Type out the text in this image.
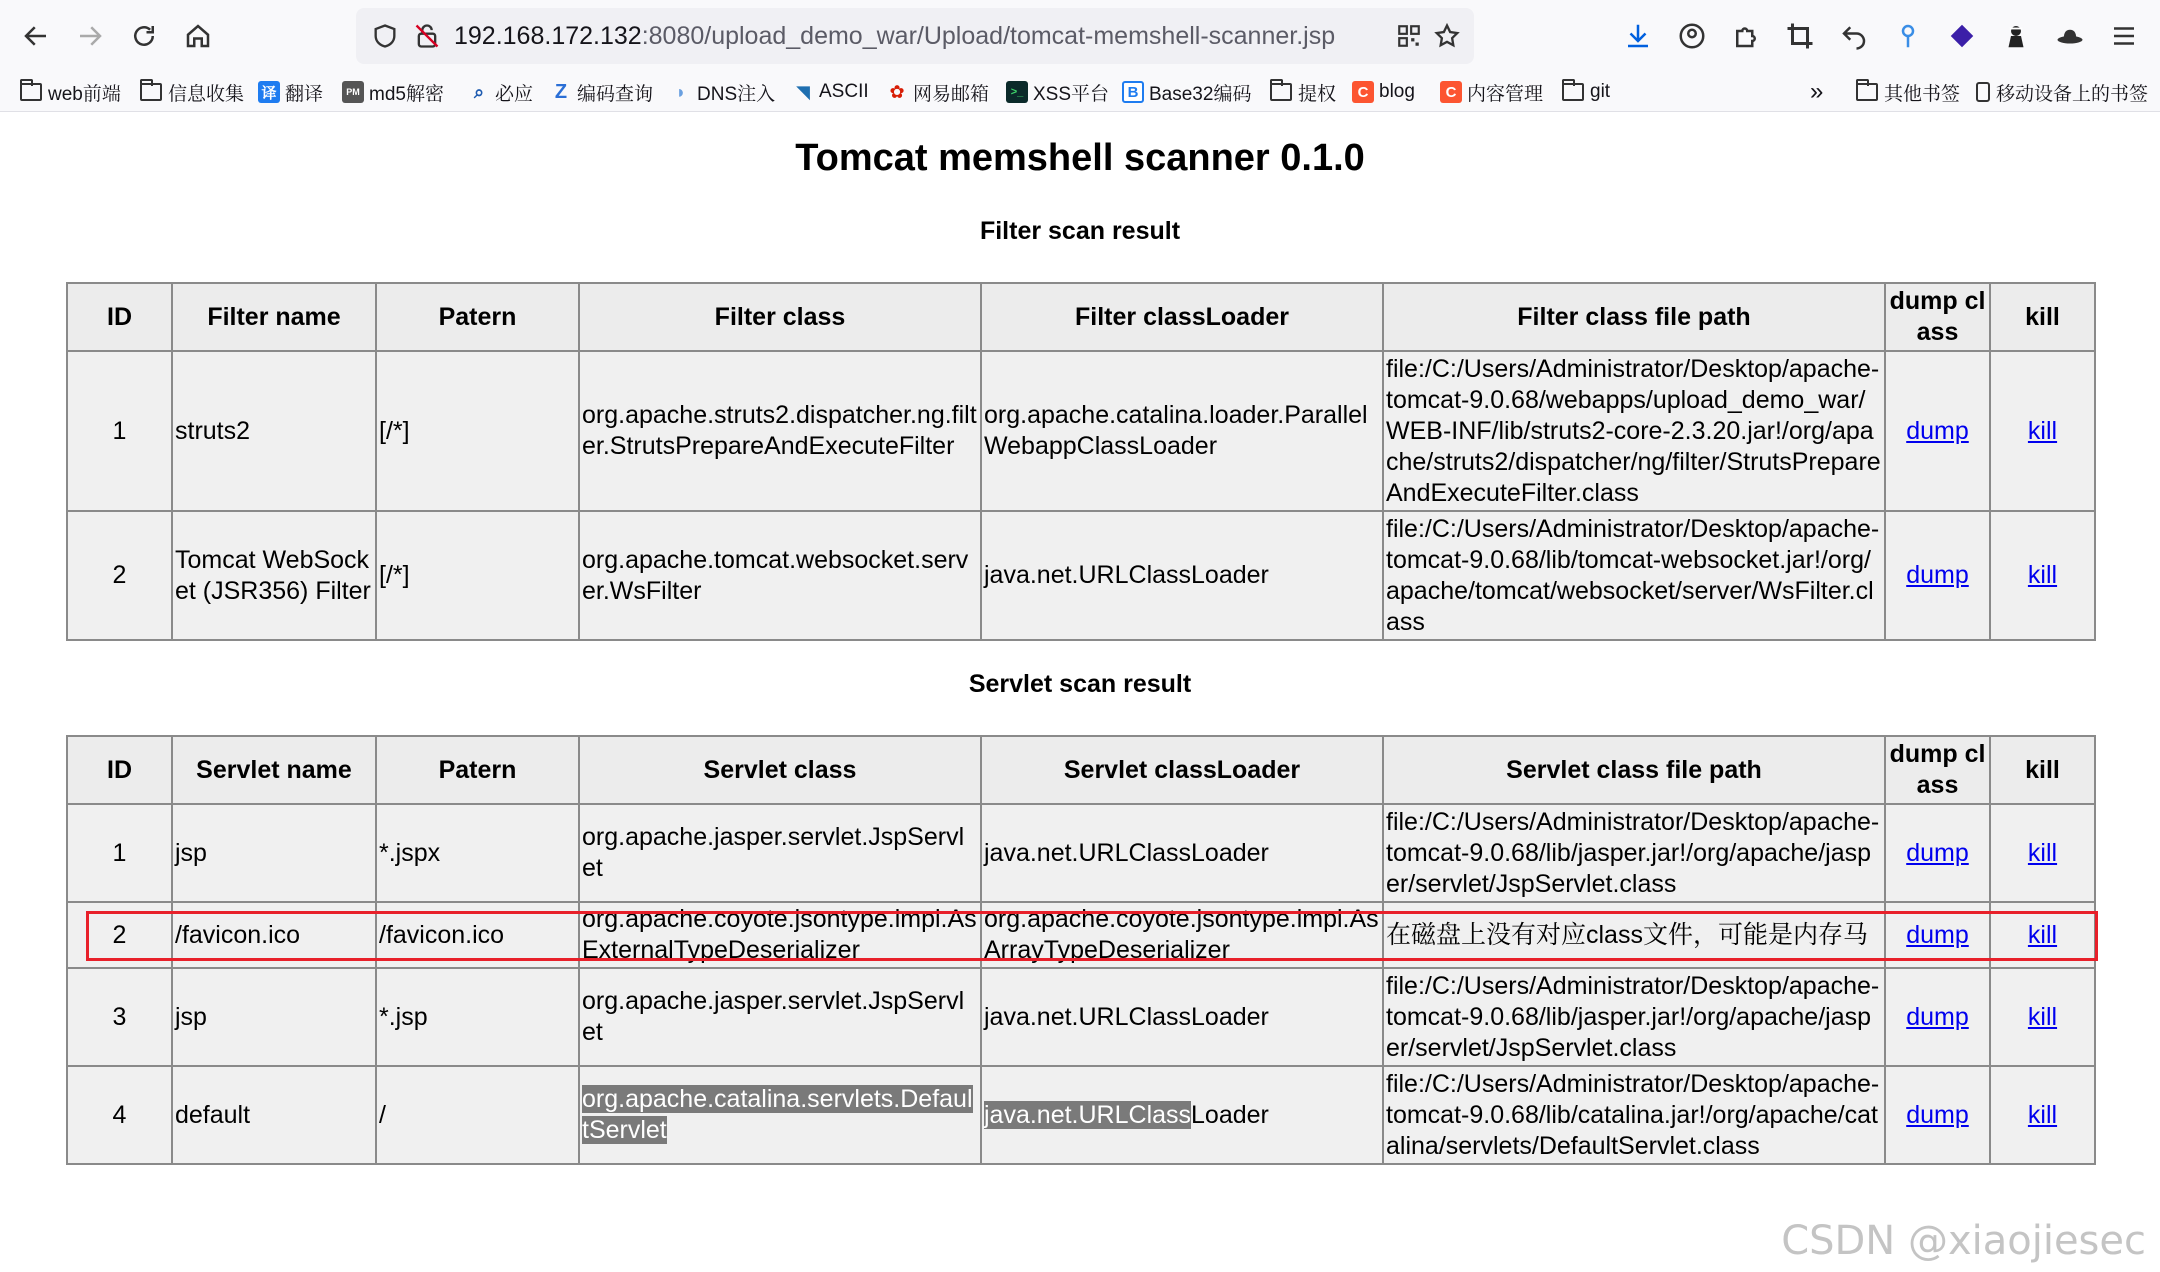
192.168.172.132:8080/upload_demo_war/Upload/tomcat-memshell-scanner.jsp
web前端 信息收集 译 翻译	PM md5解密	⌕ 必应 Z 编码查询	◗ DNS注入 ◥ ASCII ✿ 网易邮箱	>_ XSS平台	B Base32编码 提权	C blog	C 内容管理 git	»	其他书签 移动设备上的书签
Tomcat memshell scanner 0.1.0
Filter scan result
ID	Filter name	Patern	Filter class	Filter classLoader	Filter class file path	dump class	kill
1	struts2	[/*]	org.apache.struts2.dispatcher.ng.filter.StrutsPrepareAndExecuteFilter	org.apache.catalina.loader.ParallelWebappClassLoader	file:/C:/Users/Administrator/Desktop/apache-tomcat-9.0.68/webapps/upload_demo_war/WEB-INF/lib/struts2-core-2.3.20.jar!/org/apache/struts2/dispatcher/ng/filter/StrutsPrepareAndExecuteFilter.class	dump	kill
2	Tomcat WebSocket (JSR356) Filter	[/*]	org.apache.tomcat.websocket.server.WsFilter	java.net.URLClassLoader	file:/C:/Users/Administrator/Desktop/apache-tomcat-9.0.68/lib/tomcat-websocket.jar!/org/apache/tomcat/websocket/server/WsFilter.class	dump	kill
Servlet scan result
ID	Servlet name	Patern	Servlet class	Servlet classLoader	Servlet class file path	dump class	kill
1	jsp	*.jspx	org.apache.jasper.servlet.JspServlet	java.net.URLClassLoader	file:/C:/Users/Administrator/Desktop/apache-tomcat-9.0.68/lib/jasper.jar!/org/apache/jasper/servlet/JspServlet.class	dump	kill
2	/favicon.ico	/favicon.ico	org.apache.coyote.jsontype.impl.AsExternalTypeDeserializer	org.apache.coyote.jsontype.impl.AsArrayTypeDeserializer	在磁盘上没有对应class文件，可能是内存马	dump	kill
3	jsp	*.jsp	org.apache.jasper.servlet.JspServlet	java.net.URLClassLoader	file:/C:/Users/Administrator/Desktop/apache-tomcat-9.0.68/lib/jasper.jar!/org/apache/jasper/servlet/JspServlet.class	dump	kill
4	default	/	org.apache.catalina.servlets.DefaultServlet	java.net.URLClassLoader	file:/C:/Users/Administrator/Desktop/apache-tomcat-9.0.68/lib/catalina.jar!/org/apache/catalina/servlets/DefaultServlet.class	dump	kill
CSDN @xiaojiesec
